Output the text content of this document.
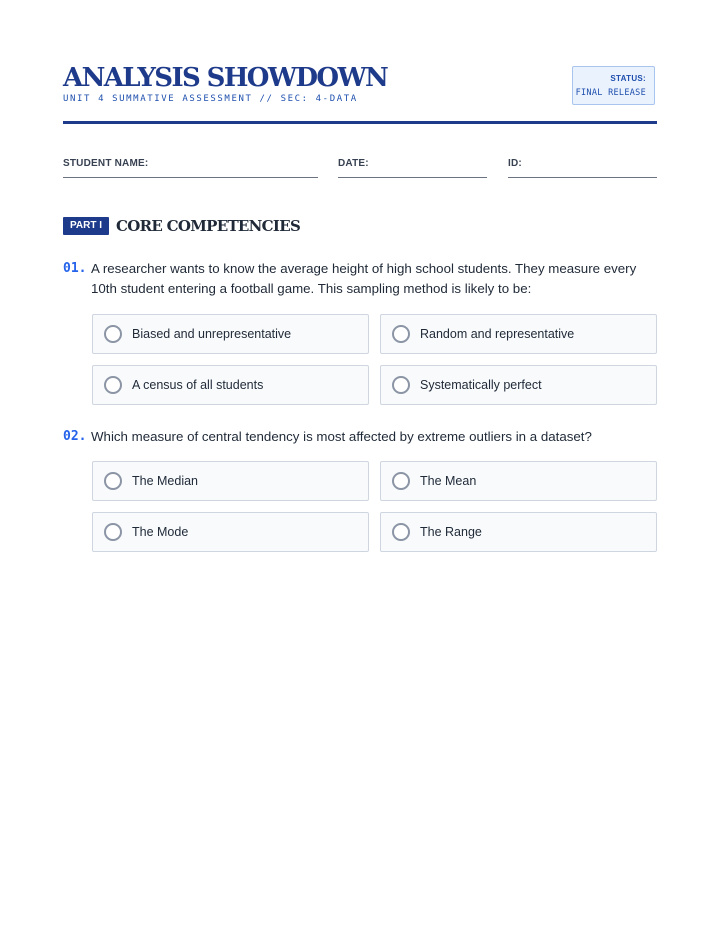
ANALYSIS SHOWDOWN
UNIT 4 SUMMATIVE ASSESSMENT // SEC: 4-DATA
STATUS:
FINAL RELEASE
STUDENT NAME:	DATE:	ID:
PART I CORE COMPETENCIES
01. A researcher wants to know the average height of high school students. They measure every 10th student entering a football game. This sampling method is likely to be:
Biased and unrepresentative	Random and representative
A census of all students	Systematically perfect
02. Which measure of central tendency is most affected by extreme outliers in a dataset?
The Median	The Mean
The Mode	The Range
